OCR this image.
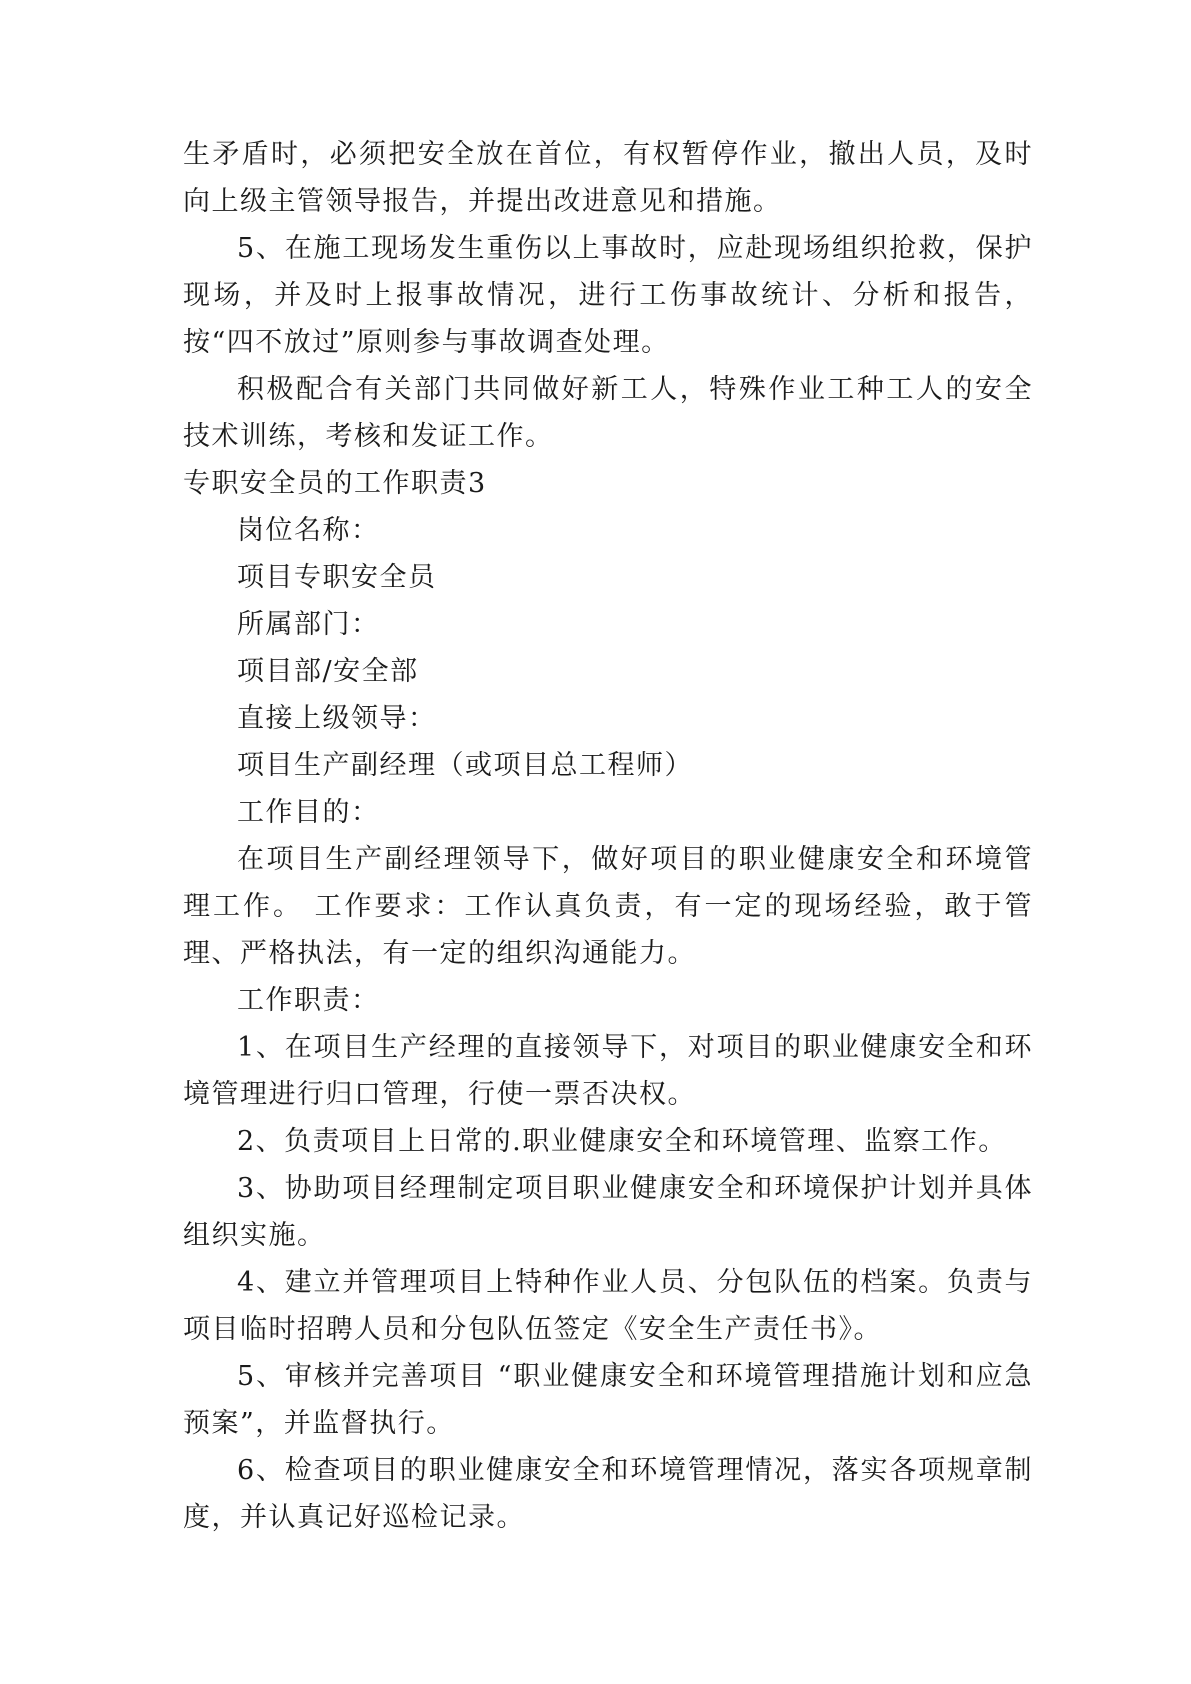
生矛盾时，必须把安全放在首位，有权暂停作业，撤出人员，及时向上级主管领导报告，并提出改进意见和措施。

5、在施工现场发生重伤以上事故时，应赴现场组织抢救，保护现场，并及时上报事故情况，进行工伤事故统计、分析和报告，按“四不放过”原则参与事故调查处理。

积极配合有关部门共同做好新工人，特殊作业工种工人的安全技术训练，考核和发证工作。

专职安全员的工作职责3

岗位名称：

项目专职安全员

所属部门：

项目部/安全部

直接上级领导：

项目生产副经理（或项目总工程师）

工作目的：

在项目生产副经理领导下，做好项目的职业健康安全和环境管理工作。 工作要求：工作认真负责，有一定的现场经验，敢于管理、严格执法，有一定的组织沟通能力。

工作职责：

1、在项目生产经理的直接领导下，对项目的职业健康安全和环境管理进行归口管理，行使一票否决权。

2、负责项目上日常的.职业健康安全和环境管理、监察工作。

3、协助项目经理制定项目职业健康安全和环境保护计划并具体组织实施。

4、建立并管理项目上特种作业人员、分包队伍的档案。负责与项目临时招聘人员和分包队伍签定《安全生产责任书》。

5、审核并完善项目 “职业健康安全和环境管理措施计划和应急预案”，并监督执行。

6、检查项目的职业健康安全和环境管理情况，落实各项规章制度，并认真记好巡检记录。
